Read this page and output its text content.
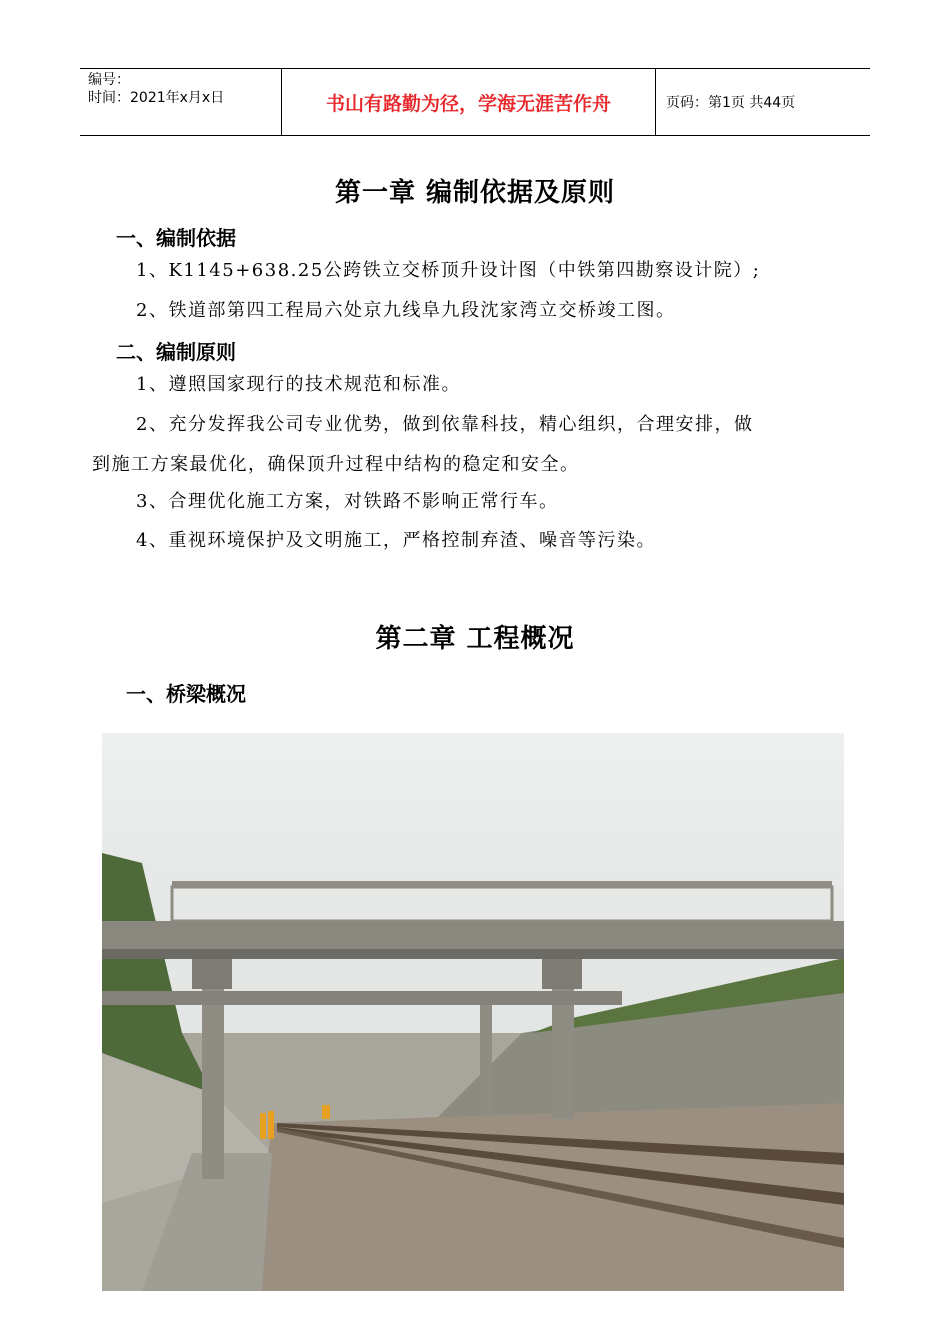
编号：
时间：2021年x月x日	书山有路勤为径，学海无涯苦作舟	页码：第1页 共44页
第一章 编制依据及原则
一、编制依据
1、K1145+638.25公跨铁立交桥顶升设计图（中铁第四勘察设计院）;
2、铁道部第四工程局六处京九线阜九段沈家湾立交桥竣工图。
二、编制原则
1、遵照国家现行的技术规范和标准。
2、充分发挥我公司专业优势，做到依靠科技，精心组织，合理安排，做
到施工方案最优化，确保顶升过程中结构的稳定和安全。
3、合理优化施工方案，对铁路不影响正常行车。
4、重视环境保护及文明施工，严格控制弃渣、噪音等污染。
第二章 工程概况
一、桥梁概况
